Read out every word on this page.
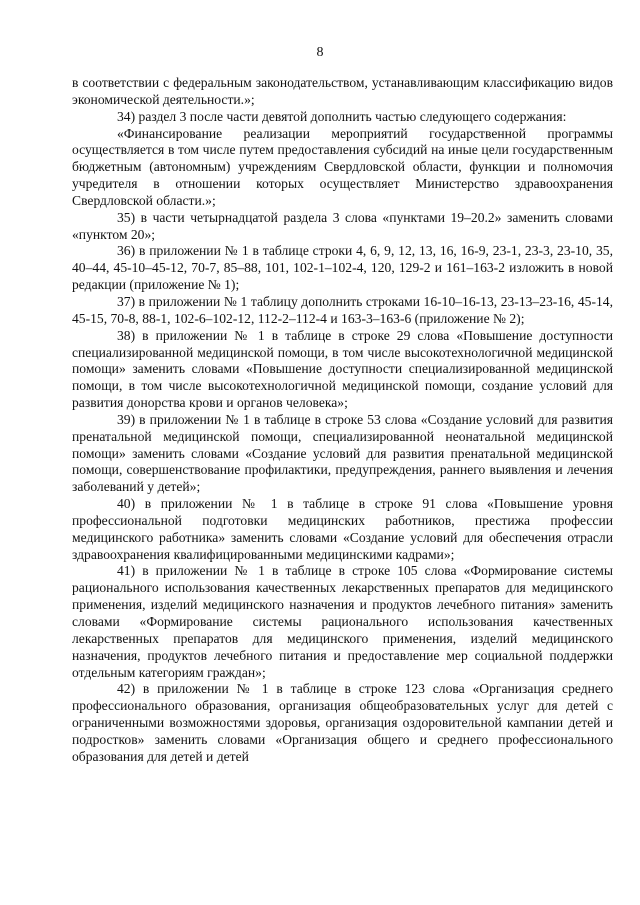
8

в соответствии с федеральным законодательством, устанавливающим классификацию видов экономической деятельности.»;

34) раздел 3 после части девятой дополнить частью следующего содержания:

«Финансирование реализации мероприятий государственной программы осуществляется в том числе путем предоставления субсидий на иные цели государственным бюджетным (автономным) учреждениям Свердловской области, функции и полномочия учредителя в отношении которых осуществляет Министерство здравоохранения Свердловской области.»;

35) в части четырнадцатой раздела 3 слова «пунктами 19–20.2» заменить словами «пунктом 20»;

36) в приложении № 1 в таблице строки 4, 6, 9, 12, 13, 16, 16-9, 23-1, 23-3, 23-10, 35, 40–44, 45-10–45-12, 70-7, 85–88, 101, 102-1–102-4, 120, 129-2 и 161–163-2 изложить в новой редакции (приложение № 1);

37) в приложении № 1 таблицу дополнить строками 16-10–16-13, 23-13–23-16, 45-14, 45-15, 70-8, 88-1, 102-6–102-12, 112-2–112-4 и 163-3–163-6 (приложение № 2);

38) в приложении № 1 в таблице в строке 29 слова «Повышение доступности специализированной медицинской помощи, в том числе высокотехнологичной медицинской помощи» заменить словами «Повышение доступности специализированной медицинской помощи, в том числе высокотехнологичной медицинской помощи, создание условий для развития донорства крови и органов человека»;

39) в приложении № 1 в таблице в строке 53 слова «Создание условий для развития пренатальной медицинской помощи, специализированной неонатальной медицинской помощи» заменить словами «Создание условий для развития пренатальной медицинской помощи, совершенствование профилактики, предупреждения, раннего выявления и лечения заболеваний у детей»;

40) в приложении № 1 в таблице в строке 91 слова «Повышение уровня профессиональной подготовки медицинских работников, престижа профессии медицинского работника» заменить словами «Создание условий для обеспечения отрасли здравоохранения квалифицированными медицинскими кадрами»;

41) в приложении № 1 в таблице в строке 105 слова «Формирование системы рационального использования качественных лекарственных препаратов для медицинского применения, изделий медицинского назначения и продуктов лечебного питания» заменить словами «Формирование системы рационального использования качественных лекарственных препаратов для медицинского применения, изделий медицинского назначения, продуктов лечебного питания и предоставление мер социальной поддержки отдельным категориям граждан»;

42) в приложении № 1 в таблице в строке 123 слова «Организация среднего профессионального образования, организация общеобразовательных услуг для детей с ограниченными возможностями здоровья, организация оздоровительной кампании детей и подростков» заменить словами «Организация общего и среднего профессионального образования для детей и детей
